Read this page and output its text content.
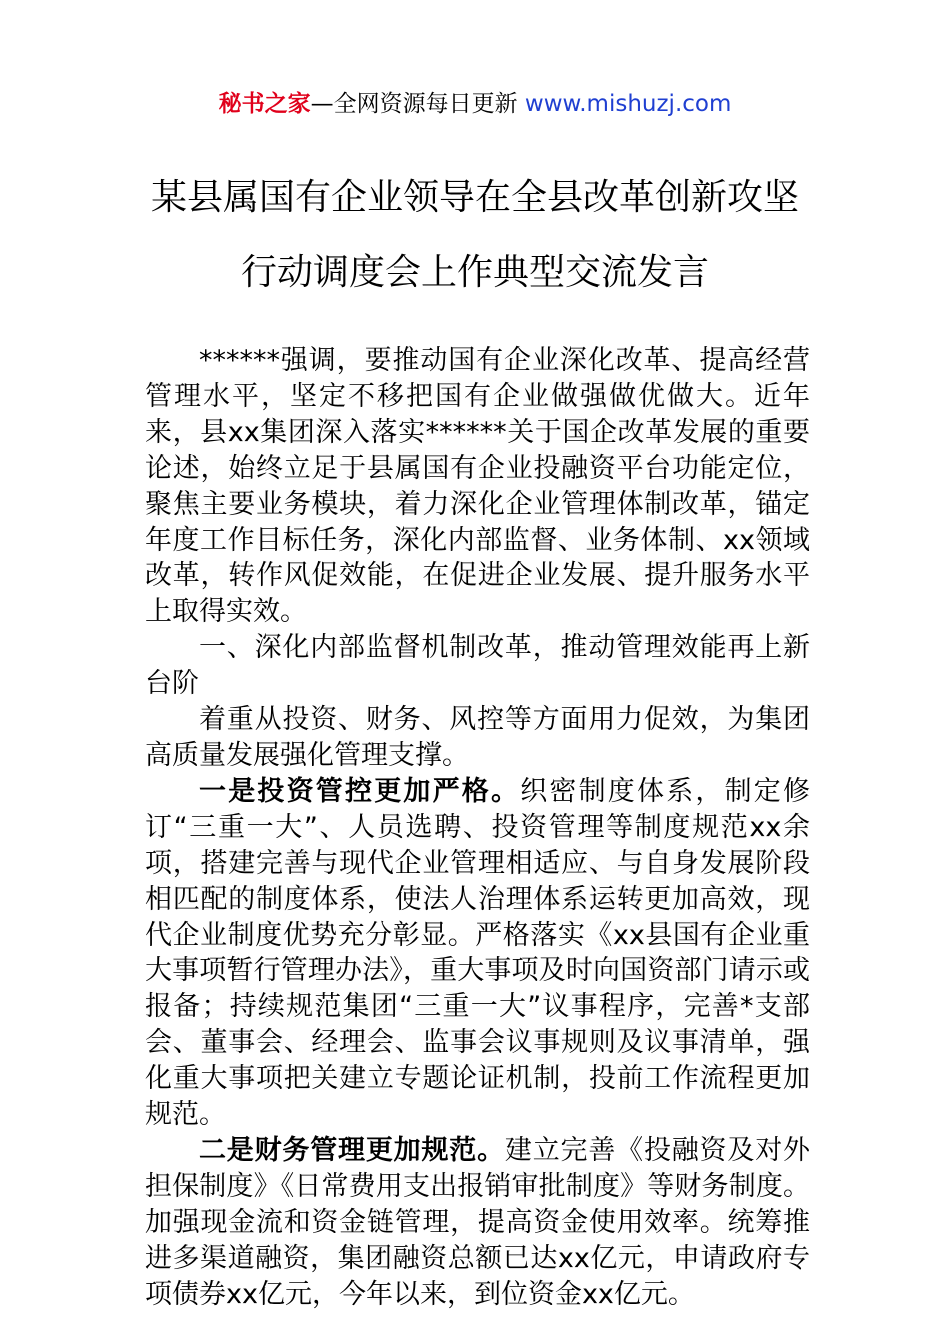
秘书之家—全网资源每日更新 www.mishuzj.com
某县属国有企业领导在全县改革创新攻坚
行动调度会上作典型交流发言

******强调，要推动国有企业深化改革、提高经营管理水平，坚定不移把国有企业做强做优做大。近年来，县xx集团深入落实******关于国企改革发展的重要论述，始终立足于县属国有企业投融资平台功能定位，聚焦主要业务模块，着力深化企业管理体制改革，锚定年度工作目标任务，深化内部监督、业务体制、xx领域改革，转作风促效能，在促进企业发展、提升服务水平上取得实效。

一、深化内部监督机制改革，推动管理效能再上新台阶

着重从投资、财务、风控等方面用力促效，为集团高质量发展强化管理支撑。

一是投资管控更加严格。织密制度体系，制定修订“三重一大”、人员选聘、投资管理等制度规范xx余项，搭建完善与现代企业管理相适应、与自身发展阶段相匹配的制度体系，使法人治理体系运转更加高效，现代企业制度优势充分彰显。严格落实《xx县国有企业重大事项暂行管理办法》，重大事项及时向国资部门请示或报备；持续规范集团“三重一大”议事程序，完善*支部会、董事会、经理会、监事会议事规则及议事清单，强化重大事项把关建立专题论证机制，投前工作流程更加规范。

二是财务管理更加规范。建立完善《投融资及对外担保制度》《日常费用支出报销审批制度》等财务制度。加强现金流和资金链管理，提高资金使用效率。统筹推进多渠道融资，集团融资总额已达xx亿元，申请政府专项债券xx亿元，今年以来，到位资金xx亿元。
